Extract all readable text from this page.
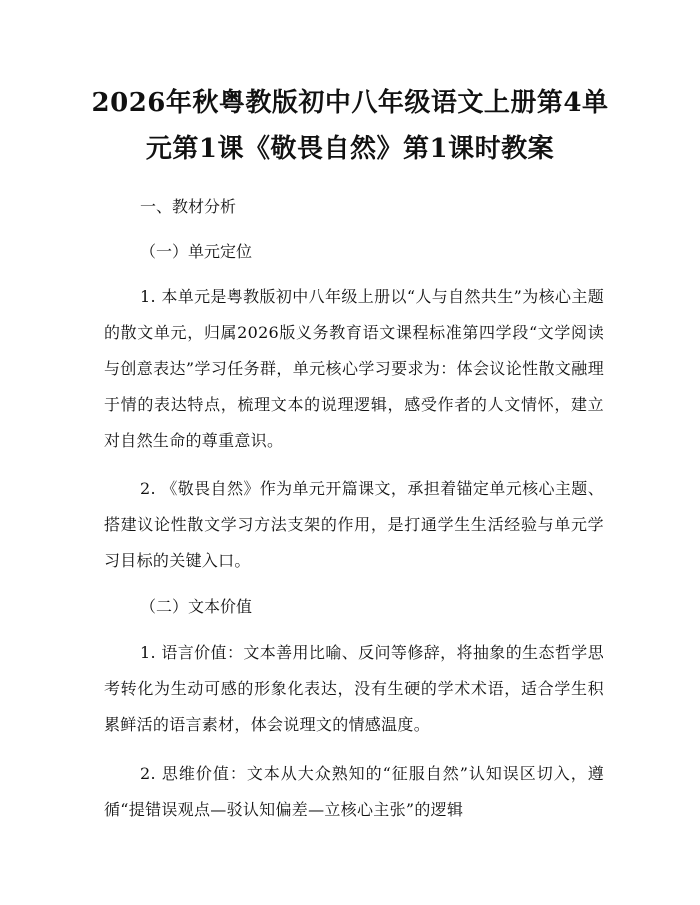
2026年秋粤教版初中八年级语文上册第4单元第1课《敬畏自然》第1课时教案
一、教材分析
（一）单元定位
1. 本单元是粤教版初中八年级上册以“人与自然共生”为核心主题的散文单元，归属2026版义务教育语文课程标准第四学段“文学阅读与创意表达”学习任务群，单元核心学习要求为：体会议论性散文融理于情的表达特点，梳理文本的说理逻辑，感受作者的人文情怀，建立对自然生命的尊重意识。
2. 《敬畏自然》作为单元开篇课文，承担着锚定单元核心主题、搭建议论性散文学习方法支架的作用，是打通学生生活经验与单元学习目标的关键入口。
（二）文本价值
1. 语言价值：文本善用比喻、反问等修辞，将抽象的生态哲学思考转化为生动可感的形象化表达，没有生硬的学术术语，适合学生积累鲜活的语言素材，体会说理文的情感温度。
2. 思维价值：文本从大众熟知的“征服自然”认知误区切入，遵循“提错误观点—驳认知偏差—立核心主张”的逻辑
